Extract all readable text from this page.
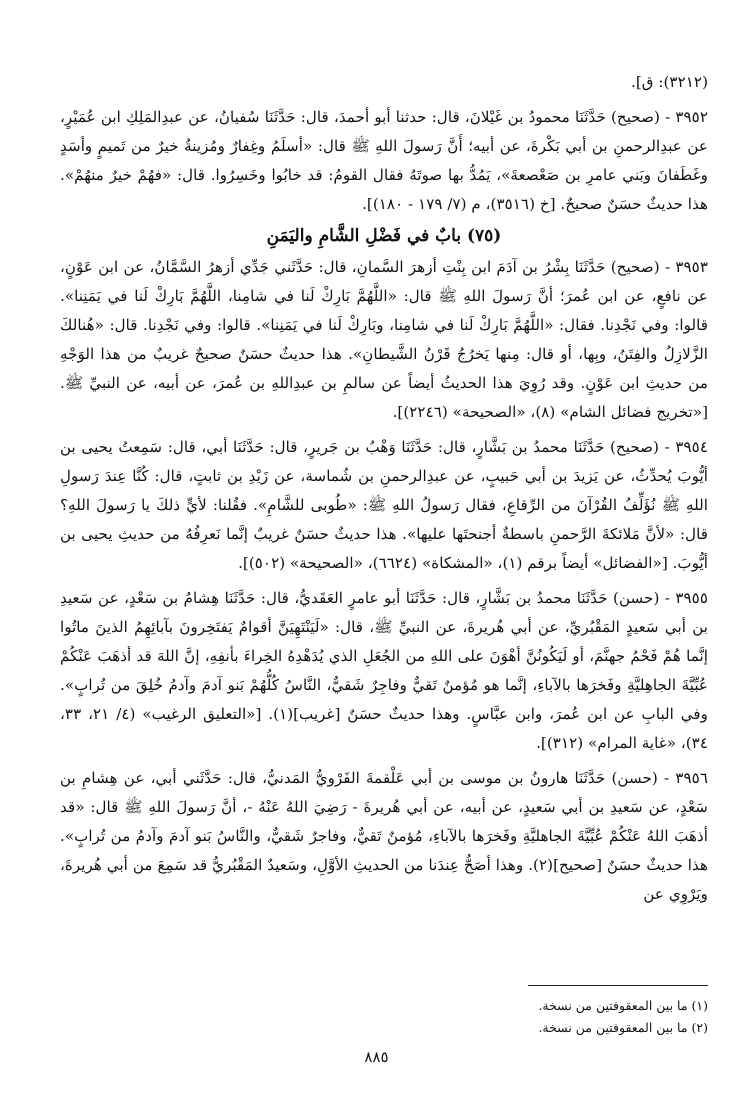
(٣٢١٢): ق].

٣٩٥٢ - (صحيح) حَدَّثَنَا محمودُ بن غَيْلانَ، قال: حدثنا أبو أحمدَ، قال: حَدَّثَنَا سُفيانُ، عن عبدِالمَلِكِ ابن عُمَيْرٍ، عن عبدِالرحمنِ بن أبي بَكْرةَ، عن أبيه؛ أَنَّ رَسولَ اللهِ ﷺ قال: «أسلَمُ وغِفارٌ ومُزينةُ خيرٌ من تَميمٍ وأسَدٍ وغَطَفانَ وبَني عامرِ بن صَعْصعةَ»، يَمُدُّ بها صوتَهُ فقال القومُ: قد خابُوا وخَسِرُوا. قال: «فهُمْ خيرٌ منهُمْ». هذا حديثٌ حسَنٌ صحيحٌ. [خ (٣٥١٦)، م (٧/ ١٧٩ - ١٨٠)].

(٧٥) بابٌ في فَضْلِ الشَّامِ واليَمَنِ

٣٩٥٣ - (صحيح) حَدَّثَنَا بِشْرُ بن آدَمَ ابن بِنْتِ أزهرَ السَّمانِ، قال: حَدَّثَني جَدِّي أزهرُ السَّمَّانُ، عن ابن عَوْنٍ، عن نافعٍ، عن ابن عُمرَ؛ أنَّ رَسولَ اللهِ ﷺ قال: «اللَّهُمَّ بَارِكْ لَنا في شامِنا، اللَّهُمَّ بَارِكْ لَنا في يَمَنِنا». قالوا: وفي نَجْدِنا. فقال: «اللَّهُمَّ بَارِكْ لَنا في شامِنا، وبَارِكْ لَنا في يَمَنِنا». قالوا: وفي نَجْدِنا. قال: «هُنالكَ الزَّلازِلُ والفِتَنُ، وبِها، أو قال: مِنها يَخرُجُ قَرْنُ الشَّيطانِ». هذا حديثٌ حسَنٌ صحيحٌ غريبٌ من هذا الوَجْهِ من حديثِ ابن عَوْنٍ. وقد رُوِيَ هذا الحديثُ أيضاً عن سالمِ بن عبدِاللهِ بن عُمرَ، عن أبيه، عن النبيِّ ﷺ. [«تخريج فضائل الشام» (٨)، «الصحيحة» (٢٢٤٦)].

٣٩٥٤ - (صحيح) حَدَّثَنَا محمدُ بن بَشَّارٍ، قال: حَدَّثَنَا وَهْبُ بن جَريرٍ، قال: حَدَّثَنَا أبي، قال: سَمِعتُ يحيى بن أيُّوبَ يُحدِّثُ، عن يَزيدَ بن أبي حَبيبٍ، عن عبدِالرحمنِ بن شُماسة، عن زَيْدِ بن ثابتٍ، قال: كُنَّا عِندَ رَسولِ اللهِ ﷺ نُؤَلِّفُ القُرْآنَ من الرِّقاعِ، فقال رَسولُ اللهِ ﷺ: «طُوبى للشَّامِ». فقُلنا: لأيٍّ ذلكَ يا رَسولَ اللهِ؟ قال: «لأنَّ مَلائكةَ الرَّحمنِ باسطةٌ أجنحتَها عليها». هذا حديثٌ حسَنٌ غريبٌ إنَّما نَعرِفُهُ من حديثِ يحيى بن أيُّوبَ. [«الفضائل» أيضاً برقم (١)، «المشكاة» (٦٦٢٤)، «الصحيحة» (٥٠٢)].

٣٩٥٥ - (حسن) حَدَّثَنَا محمدُ بن بَشَّارٍ، قال: حَدَّثَنَا أبو عامرٍ العَقَديُّ، قال: حَدَّثَنَا هِشامُ بن سَعْدٍ، عن سَعيدِ بن أبي سَعيدٍ المَقْبُريِّ، عن أبي هُريرةَ، عن النبيِّ ﷺ، قال: «لَيَنْتَهِيَنَّ أقوامٌ يَفتَخِرونَ بآبائِهِمُ الذينَ ماتُوا إنَّما هُمْ فَحْمُ جهنَّمَ، أو لَيَكُونُنَّ أهْوَنَ على اللهِ من الجُعَلِ الذي يُدَهْدِهُ الخِراءَ بأنفِهِ، إنَّ اللهَ قد أذهَبَ عَنْكُمْ عُبِّيَّةَ الجاهِليَّةِ وفَخرَها بالآباءِ، إنَّما هو مُؤمنٌ تَقيٌّ وفاجِرٌ شَقيٌّ، النَّاسُ كُلُّهُمْ بَنو آدمَ وآدمُ خُلِقَ من تُرابٍ». وفي البابِ عن ابن عُمرَ، وابن عبَّاسٍ. وهذا حديثٌ حسَنٌ [غريب](١). [«التعليق الرغيب» (٤/ ٢١، ٣٣، ٣٤)، «غاية المرام» (٣١٢)].

٣٩٥٦ - (حسن) حَدَّثَنَا هارونُ بن موسى بن أبي عَلْقمةَ الفَرْويُّ المَدنيُّ، قال: حَدَّثَني أبي، عن هِشامِ بن سَعْدٍ، عن سَعيدِ بن أبي سَعيدٍ، عن أبيه، عن أبي هُريرةَ - رَضِيَ اللهُ عَنْهُ -، أنَّ رَسولَ اللهِ ﷺ قال: «قد أذهَبَ اللهُ عَنْكُمْ عُبِّيَّةَ الجاهليَّةِ وفَخرَها بالآباءِ، مُؤمنٌ تَقيٌّ، وفاجرٌ شَقيٌّ، والنَّاسُ بَنو آدمَ وآدمُ من تُرابٍ». هذا حديثٌ حسَنٌ [صحيح](٢). وهذا أصَحُّ عِندَنا من الحديثِ الأوَّلِ، وسَعيدٌ المَقْبُريُّ قد سَمِعَ من أبي هُريرةَ، ويَرْوِي عن

(١) ما بين المعقوفتين من نسخة.

(٢) ما بين المعقوفتين من نسخة.

٨٨٥
